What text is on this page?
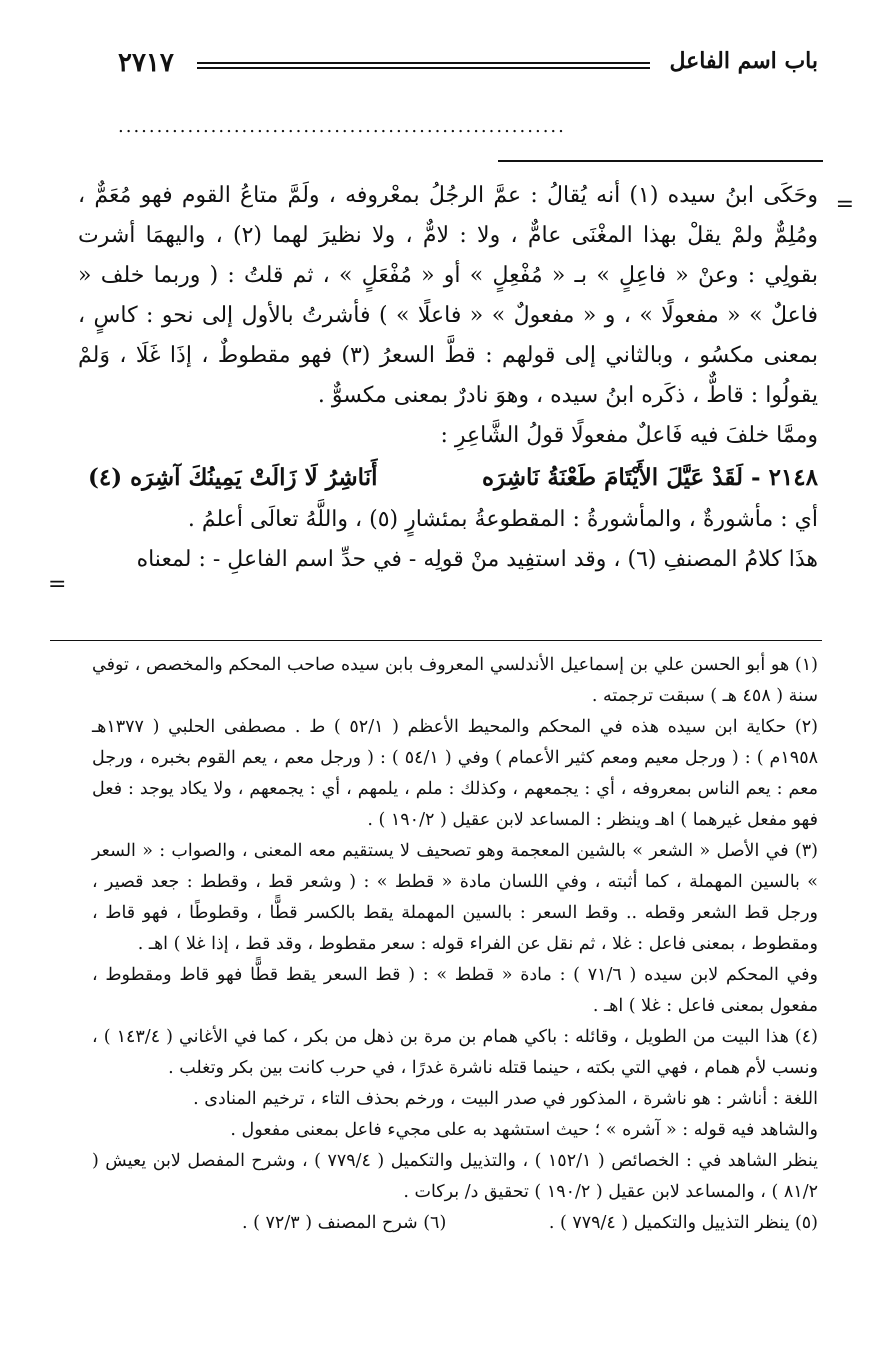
٢٧١٧	باب اسم الفاعل
..........................................................
=
=

وحَكَى ابنُ سيده (١) أنه يُقالُ : عمَّ الرجُلُ بمعْروفه ، ولَمَّ متاعُ القوم فهو مُعَمٌّ ، ومُلِمٌّ ولمْ يقلْ بهذا المغْنَى عامٌّ ، ولا : لامٌّ ، ولا نظيرَ لهما (٢) ، واليهمَا أشرت بقولِي : وعنْ « فاعِلٍ » بـ « مُفْعِلٍ » أو « مُفْعَلٍ » ، ثم قلتُ : ( وربما خلف « فاعلٌ » « مفعولًا » ، و « مفعولٌ » « فاعلًا » ) فأشرتُ بالأول إلى نحو : كاسٍ ، بمعنى مكسُو ، وبالثاني إلى قولهم : قطَّ السعرُ (٣) فهو مقطوطٌ ، إذَا غَلَا ، وَلمْ يقولُوا : قاطٌّ ، ذكَره ابنُ سيده ، وهوَ نادرٌ بمعنى مكسوٌّ .

وممَّا خلفَ فيه فَاعلٌ مفعولًا قولُ الشَّاعِرِ :

٢١٤٨ -
لَقَدْ عَيَّلَ الأَيْتَامَ طَعْنَةُ نَاشِرَه
أَنَاشِرُ لَا زَالَتْ يَمِينُكَ آشِرَه (٤)

أي : مأشورةٌ ، والمأشورةُ : المقطوعةُ بمئشارٍ (٥) ، واللَّهُ تعالَى أعلمُ .

هذَا كلامُ المصنفِ (٦) ، وقد استفِيد منْ قولِه - في حدِّ اسم الفاعلِ - : لمعناه

(١) هو أبو الحسن علي بن إسماعيل الأندلسي المعروف بابن سيده صاحب المحكم والمخصص ، توفي سنة ( ٤٥٨ هـ ) سبقت ترجمته .

(٢) حكاية ابن سيده هذه في المحكم والمحيط الأعظم ( ٥٢/١ ) ط . مصطفى الحلبي ( ١٣٧٧هـ ١٩٥٨م ) : ( ورجل معيم ومعم كثير الأعمام ) وفي ( ٥٤/١ ) : ( ورجل معم ، يعم القوم بخبره ، ورجل معم : يعم الناس بمعروفه ، أي : يجمعهم ، وكذلك : ملم ، يلمهم ، أي : يجمعهم ، ولا يكاد يوجد : فعل فهو مفعل غيرهما ) اهـ وينظر : المساعد لابن عقيل ( ١٩٠/٢ ) .

(٣) في الأصل « الشعر » بالشين المعجمة وهو تصحيف لا يستقيم معه المعنى ، والصواب : « السعر » بالسين المهملة ، كما أثبته ، وفي اللسان مادة « قطط » : ( وشعر قط ، وقطط : جعد قصير ، ورجل قط الشعر وقطه .. وقط السعر : بالسين المهملة يقط بالكسر قطًّا ، وقطوطًا ، فهو قاط ، ومقطوط ، بمعنى فاعل : غلا ، ثم نقل عن الفراء قوله : سعر مقطوط ، وقد قط ، إذا غلا ) اهـ .

وفي المحكم لابن سيده ( ٧١/٦ ) : مادة « قطط » : ( قط السعر يقط قطًّا فهو قاط ومقطوط ، مفعول بمعنى فاعل : غلا ) اهـ .

(٤) هذا البيت من الطويل ، وقائله : باكي همام بن مرة بن ذهل من بكر ، كما في الأغاني ( ١٤٣/٤ ) ، ونسب لأم همام ، فهي التي بكته ، حينما قتله ناشرة غدرًا ، في حرب كانت بين بكر وتغلب .

اللغة : أناشر : هو ناشرة ، المذكور في صدر البيت ، ورخم بحذف التاء ، ترخيم المنادى .

والشاهد فيه قوله : « آشره » ؛ حيث استشهد به على مجيء فاعل بمعنى مفعول .

ينظر الشاهد في : الخصائص ( ١٥٢/١ ) ، والتذييل والتكميل ( ٧٧٩/٤ ) ، وشرح المفصل لابن يعيش ( ٨١/٢ ) ، والمساعد لابن عقيل ( ١٩٠/٢ ) تحقيق د/ بركات .

(٥) ينظر التذييل والتكميل ( ٧٧٩/٤ ) .
(٦) شرح المصنف ( ٧٢/٣ ) .
